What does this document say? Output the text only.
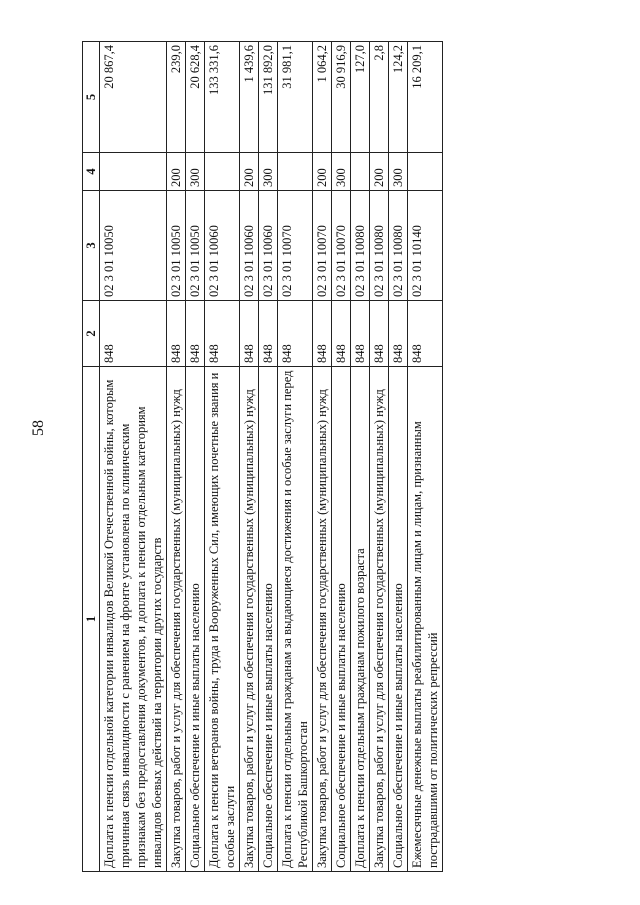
58
1	2	3	4	5
Доплата к пенсии отдельной категории инвалидов Великой Отечественной войны, которым причинная связь инвалидности с ранением на фронте установлена по клиническим признакам без предоставления документов, и доплата к пенсии отдельным категориям инвалидов боевых действий на территории других государств	848	02 3 01 10050		20 867,4
Закупка товаров, работ и услуг для обеспечения государственных (муниципальных) нужд	848	02 3 01 10050	200	239,0
Социальное обеспечение и иные выплаты населению	848	02 3 01 10050	300	20 628,4
Доплата к пенсии ветеранов войны, труда и Вооруженных Сил, имеющих почетные звания и особые заслуги	848	02 3 01 10060		133 331,6
Закупка товаров, работ и услуг для обеспечения государственных (муниципальных) нужд	848	02 3 01 10060	200	1 439,6
Социальное обеспечение и иные выплаты населению	848	02 3 01 10060	300	131 892,0
Доплата к пенсии отдельным гражданам за выдающиеся достижения и особые заслуги перед Республикой Башкортостан	848	02 3 01 10070		31 981,1
Закупка товаров, работ и услуг для обеспечения государственных (муниципальных) нужд	848	02 3 01 10070	200	1 064,2
Социальное обеспечение и иные выплаты населению	848	02 3 01 10070	300	30 916,9
Доплата к пенсии отдельным гражданам пожилого возраста	848	02 3 01 10080		127,0
Закупка товаров, работ и услуг для обеспечения государственных (муниципальных) нужд	848	02 3 01 10080	200	2,8
Социальное обеспечение и иные выплаты населению	848	02 3 01 10080	300	124,2
Ежемесячные денежные выплаты реабилитированным лицам и лицам, признанным пострадавшими от политических репрессий	848	02 3 01 10140		16 209,1
